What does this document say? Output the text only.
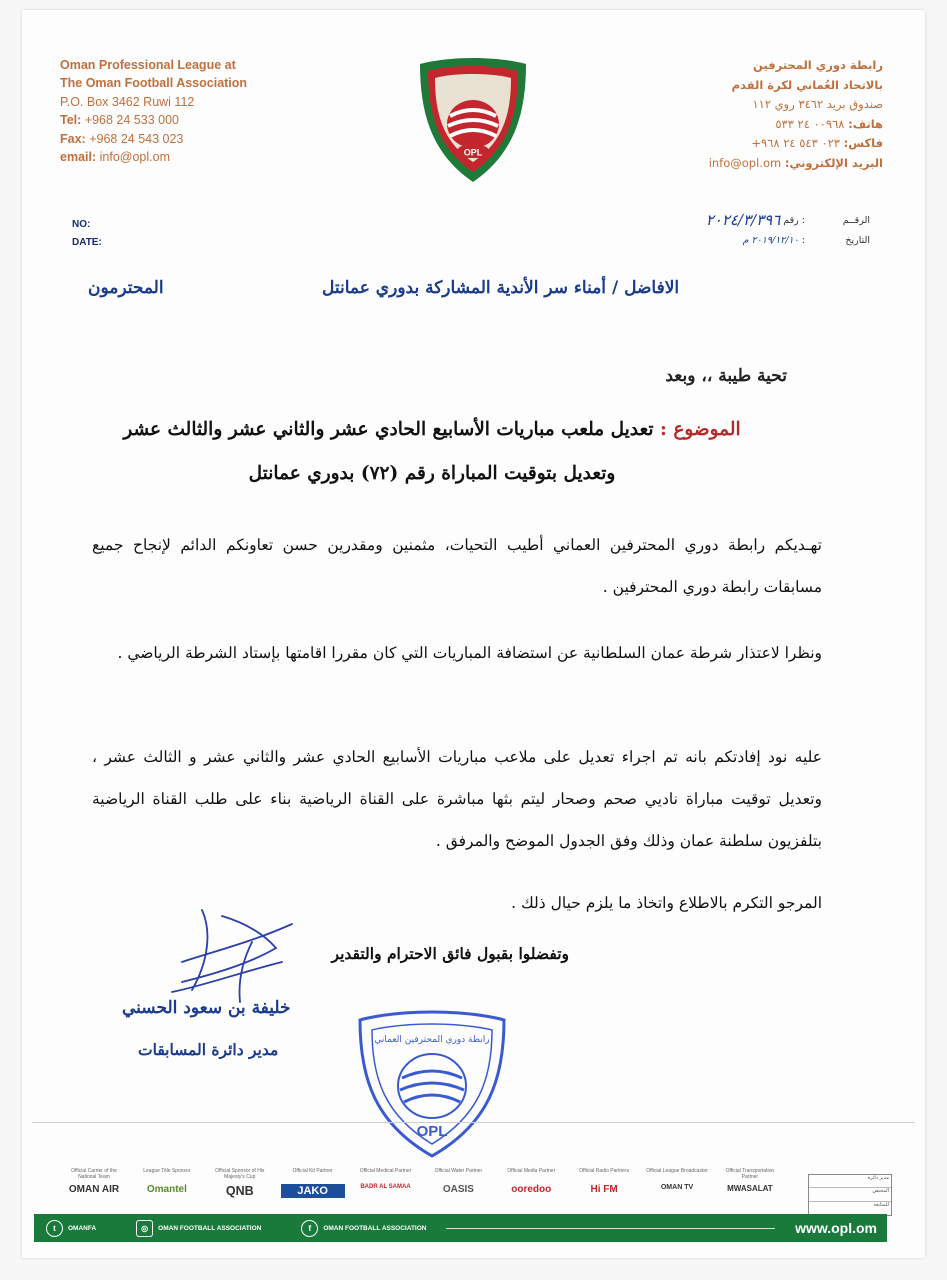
Oman Professional League at
The Oman Football Association
P.O. Box 3462 Ruwi 112
Tel: +968 24 533 000
Fax: +968 24 543 023
email: info@opl.om	OPL
رابطة دوري المحترفين
بالاتحاد العُماني لكرة القدم
صندوق بريد ٣٤٦٢ روي ١١٢
هاتف: ٠٠٩٦٨ ٢٤ ٥٣٣
فاكس: ٠٢٣ ٥٤٣ ٢٤ ٩٦٨+
البريد الإلكتروني: info@opl.om
NO:
DATE:
الرقــم
:
رقم

٢٠٢٤/٣/٣٩٦
التاريخ
:
٢٠١٩/١٢/١٠ م
الافاضل / أمناء سر الأندية المشاركة بدوري عمانتل
المحترمون
تحية طيبة ،، وبعد
الموضوع : تعديل ملعب مباريات الأسابيع الحادي عشر والثاني عشر والثالث عشر
وتعديل بتوقيت المباراة رقم (٧٢) بدوري عمانتل
تهـديكم رابطة دوري المحترفين العماني أطيب التحيات، مثمنين ومقدرين حسن تعاونكم الدائم لإنجاح جميع مسابقات رابطة دوري المحترفين .
ونظرا لاعتذار شرطة عمان السلطانية عن استضافة المباريات التي كان مقررا اقامتها بإستاد الشرطة الرياضي .
عليه نود إفادتكم بانه تم اجراء تعديل على ملاعب مباريات الأسابيع الحادي عشر والثاني عشر و الثالث عشر ، وتعديل توقيت مباراة ناديي صحم وصحار ليتم بثها مباشرة على القناة الرياضية بناء على طلب القناة الرياضية بتلفزيون سلطنة عمان وذلك وفق الجدول الموضح والمرفق .
المرجو التكرم بالاطلاع واتخاذ ما يلزم حيال ذلك .
وتفضلوا بقبول فائق الاحترام والتقدير
خليفة بن سعود الحسني
مدير دائرة المسابقات	رابطة دوري المحترفين العماني
OPL
Official Carrier of the National Team
OMAN AIR
League Title Sponsor
Omantel
Official Sponsor of His Majesty's Cup
QNB
Official Kit Partner
JAKO
Official Medical Partner
BADR AL SAMAA
Official Water Partner
OASIS
Official Media Partner
ooredoo
Official Radio Partners
Hi FM
Official League Broadcaster
OMAN TV
Official Transportation Partner
MWASALAT
مدير دائرة
المختص
للمتابعة
t	OMANFA	◎	OMAN FOOTBALL ASSOCIATION	f	OMAN FOOTBALL ASSOCIATION	www.opl.om
